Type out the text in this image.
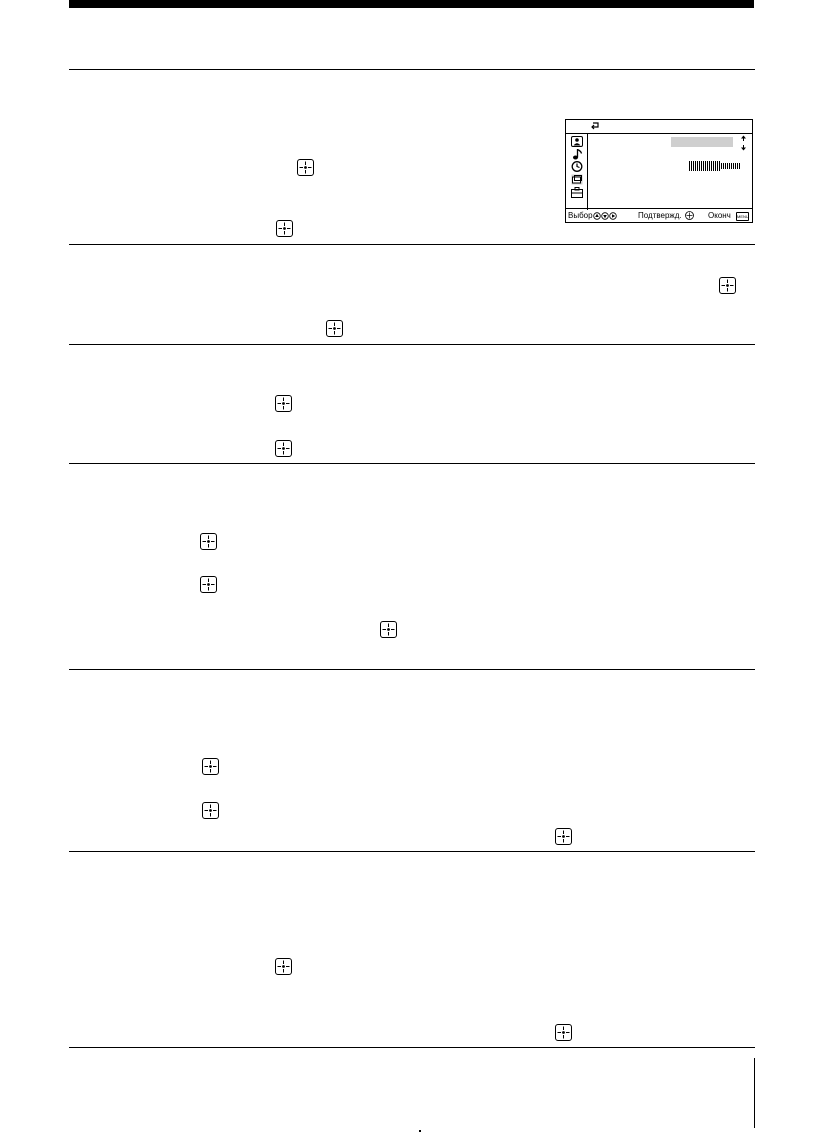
Выбор	Подтвержд.	Оконч MENU
